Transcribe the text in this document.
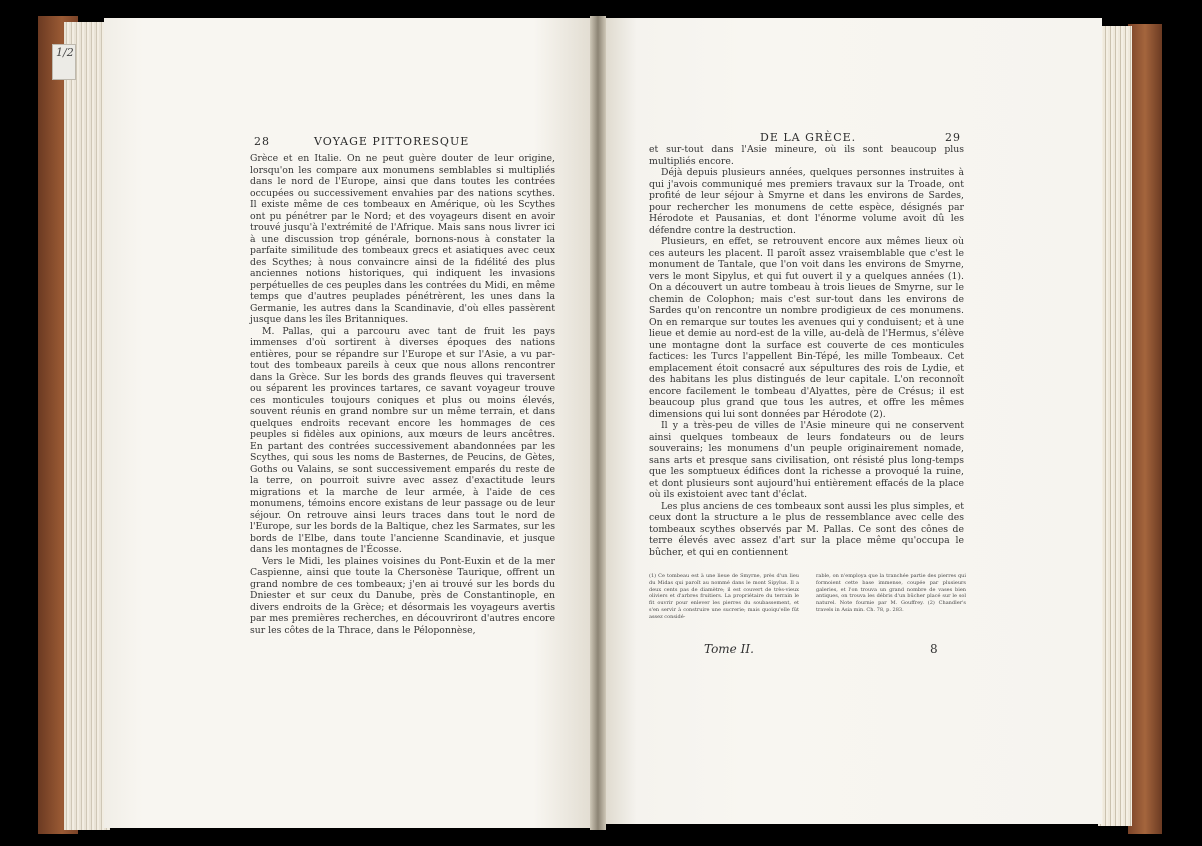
1/2
28	VOYAGE PITTORESQUE

Grèce et en Italie. On ne peut guère douter de leur origine, lorsqu'on les compare aux monumens semblables si multipliés dans le nord de l'Europe, ainsi que dans toutes les contrées occupées ou successivement envahies par des nations scythes. Il existe même de ces tombeaux en Amérique, où les Scythes ont pu pénétrer par le Nord; et des voyageurs disent en avoir trouvé jusqu'à l'extrémité de l'Afrique. Mais sans nous livrer ici à une discussion trop générale, bornons-nous à constater la parfaite similitude des tombeaux grecs et asiatiques avec ceux des Scythes; à nous convaincre ainsi de la fidélité des plus anciennes notions historiques, qui indiquent les invasions perpétuelles de ces peuples dans les contrées du Midi, en même temps que d'autres peuplades pénétrèrent, les unes dans la Germanie, les autres dans la Scandinavie, d'où elles passèrent jusque dans les îles Britanniques.

M. Pallas, qui a parcouru avec tant de fruit les pays immenses d'où sortirent à diverses époques des nations entières, pour se répandre sur l'Europe et sur l'Asie, a vu par-tout des tombeaux pareils à ceux que nous allons rencontrer dans la Grèce. Sur les bords des grands fleuves qui traversent ou séparent les provinces tartares, ce savant voyageur trouve ces monticules toujours coniques et plus ou moins élevés, souvent réunis en grand nombre sur un même terrain, et dans quelques endroits recevant encore les hommages de ces peuples si fidèles aux opinions, aux mœurs de leurs ancêtres. En partant des contrées successivement abandonnées par les Scythes, qui sous les noms de Basternes, de Peucins, de Gètes, Goths ou Valains, se sont successivement emparés du reste de la terre, on pourroit suivre avec assez d'exactitude leurs migrations et la marche de leur armée, à l'aide de ces monumens, témoins encore existans de leur passage ou de leur séjour. On retrouve ainsi leurs traces dans tout le nord de l'Europe, sur les bords de la Baltique, chez les Sarmates, sur les bords de l'Elbe, dans toute l'ancienne Scandinavie, et jusque dans les montagnes de l'Écosse.

Vers le Midi, les plaines voisines du Pont-Euxin et de la mer Caspienne, ainsi que toute la Chersonèse Taurique, offrent un grand nombre de ces tombeaux; j'en ai trouvé sur les bords du Dniester et sur ceux du Danube, près de Constantinople, en divers endroits de la Grèce; et désormais les voyageurs avertis par mes premières recherches, en découvriront d'autres encore sur les côtes de la Thrace, dans le Péloponnèse,

DE LA GRÈCE.	29

et sur-tout dans l'Asie mineure, où ils sont beaucoup plus multipliés encore.

Déjà depuis plusieurs années, quelques personnes instruites à qui j'avois communiqué mes premiers travaux sur la Troade, ont profité de leur séjour à Smyrne et dans les environs de Sardes, pour rechercher les monumens de cette espèce, désignés par Hérodote et Pausanias, et dont l'énorme volume avoit dû les défendre contre la destruction.

Plusieurs, en effet, se retrouvent encore aux mêmes lieux où ces auteurs les placent. Il paroît assez vraisemblable que c'est le monument de Tantale, que l'on voit dans les environs de Smyrne, vers le mont Sipylus, et qui fut ouvert il y a quelques années (1). On a découvert un autre tombeau à trois lieues de Smyrne, sur le chemin de Colophon; mais c'est sur-tout dans les environs de Sardes qu'on rencontre un nombre prodigieux de ces monumens. On en remarque sur toutes les avenues qui y conduisent; et à une lieue et demie au nord-est de la ville, au-delà de l'Hermus, s'élève une montagne dont la surface est couverte de ces monticules factices: les Turcs l'appellent Bin-Tépé, les mille Tombeaux. Cet emplacement étoit consacré aux sépultures des rois de Lydie, et des habitans les plus distingués de leur capitale. L'on reconnoît encore facilement le tombeau d'Alyattes, père de Crésus; il est beaucoup plus grand que tous les autres, et offre les mêmes dimensions qui lui sont données par Hérodote (2).

Il y a très-peu de villes de l'Asie mineure qui ne conservent ainsi quelques tombeaux de leurs fondateurs ou de leurs souverains; les monumens d'un peuple originairement nomade, sans arts et presque sans civilisation, ont résisté plus long-temps que les somptueux édifices dont la richesse a provoqué la ruine, et dont plusieurs sont aujourd'hui entièrement effacés de la place où ils existoient avec tant d'éclat.

Les plus anciens de ces tombeaux sont aussi les plus simples, et ceux dont la structure a le plus de ressemblance avec celle des tombeaux scythes observés par M. Pallas. Ce sont des cônes de terre élevés avec assez d'art sur la place même qu'occupa le bûcher, et qui en contiennent

(1) Ce tombeau est à une lieue de Smyrne, près d'un lieu du Midas qui paroît au nommé dans le mont Sipylus. Il a deux cents pas de diamètre; il est couvert de très-vieux oliviers et d'arbres fruitiers. La propriétaire du terrain le fit ouvrir pour enlever les pierres du soubassement, et s'en servir à construire une sucrerie; mais quoiqu'elle fût assez considé-

rable, on n'employa que la tranchée partie des pierres qui formoient cette base immense, coupée par plusieurs galeries, et l'on trouva un grand nombre de vases bien antiques, on trouva les débris d'un bûcher placé sur le sol naturel. Note fournie par M. Gouffrey. (2) Chandler's travels in Asia min. Ch. 78, p. 283.

Tome II.	8
